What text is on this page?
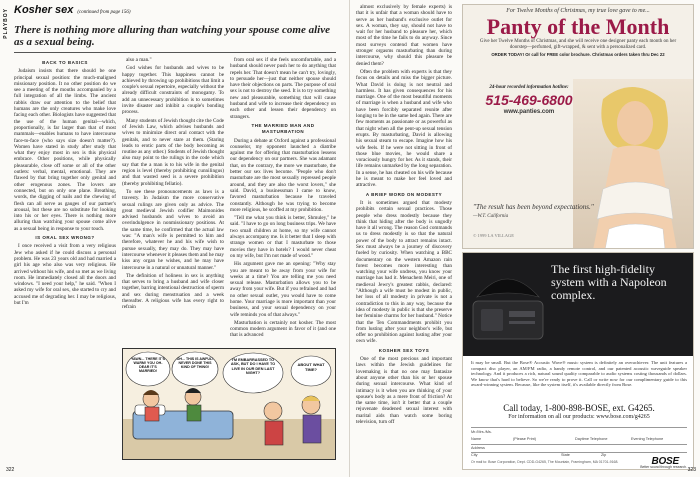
PLAYBOY Kosher sex (continued from page 156)
There is nothing more alluring than watching your spouse come alive as a sexual being.
BACK TO BASICS

Judaism insists that there should be one principal sexual position: the much-maligned missionary position. It no other position do we see a meeting of the mouths accompanied by a full integration of all the limbs. The ancient rabbis draw our attention to the belief that humans are the only creatures who make love facing each other. Biologists have suggested that the use of the human genital—which, proportionally, is far larger than that of most mammals—enables humans to have intercourse face-to-face (who says size doesn't matter?). Women have stated in study after study that what they enjoy most in sex is this physical embrace. Other positions, while physically pleasurable, close off some or all of the other outlets: verbal, mental, emotional. They are flawed by that bring together only genital and other erogenous zones. The lovers are connected, but on only one plane. Breathing, words, the digging of nails and the chewing of flesh can all serve as gauges of our partner's arousal, but these are no substitute for looking into his or her eyes. There is nothing more alluring than watching your spouse come alive as a sexual being in response to your touch.

IS ORAL SEX WRONG?

I once received a visit from a very religious Jew who asked if he could discuss a personal problem. He was 23 years old and had married a girl his age who also was very religious. He arrived without his wife, and so met as we living room. He immediately closed all the doors and windows. "I need your help," he said. "When I asked my wife for oral sex, she started to cry and accused me of degrading her. I may be religious, but I'm

also a man."

God wishes for husbands and wives to be happy together. This happiness cannot be achieved by throwing up prohibitions that limit a couple's sexual repertoire, especially without the already difficult constraints of monogamy. To add an unnecessary prohibition is to sometimes invite disaster and inhibit a couple's bonding process.

Many students of Jewish thought cite the Code of Jewish Law, which advises husbands and wives to minimize direct oral contact with the genitals, and to never stare at them. (Staring leads to erotic parts of the body becoming as routine as any other.) Students of Jewish thought also may point to the rulings in the code which say that the a man is to his wife in the genital region is level (thereby prohibiting cunnilingus) and that wasted seed is a severe prohibition (thereby prohibiting fellatio).

To see these pronouncements as laws is a travesty. In Judaism the more conservative sexual rulings are given only as advice. The great medieval Jewish codifier Maimonides advised husbands and wives to avoid an overindulgence in nonmissionary positions. At the same time, he confirmed that the actual law was: "A man's wife is permitted to him and therefore, whatever he and his wife wish to pursue sexually, they may do. They may have intercourse whenever it pleases them and he may kiss any organ he wishes, and he may have intercourse in a natural or unnatural manner."

The definition of holiness in sex is anything that serves to bring a husband and wife closer together, barring intentional destruction of sperm and sex during menstruation and a week thereafter. A religious wife has every right to refrain

from oral sex if she feels uncomfortable, and a husband should never push her to do anything that repels her. That doesn't mean he can't try, lovingly, to persuade her—just that neither spouse should have their objections on parts. The purpose of oral sex is not to destroy the seed. It is to try something new and pleasurable, something that will cause husband and wife to increase their dependency on each other and lessen their dependency on strangers.

THE MARRIED MAN AND MASTURBATION

During a debate at Oxford against a professional counselor, my opponent launched a diatribe against me for offering that masturbation lessens our dependency on our partners. She was adamant that, on the contrary, the more we masturbate, the better our sex lives become. "People who don't masturbate are the most sexually repressed people around, and they are also the worst lovers," she said. David, a businessman I came to know, favored masturbation because he traveled constantly. Although he was trying to become more religious, he scoffed at my prohibition.

"Tell me what you think is better, Shmuley," he said. "I have to go on long business trips. We have two small children at home, so my wife cannot always accompany me. Is it better that I sleep with strange women or that I masturbate to those movies they have in hotels? I would never cheat on my wife, but I'm not made of wood."

His argument gave me an opening: "Why stay you are meant to be away from your wife for weeks at a time? You are telling me you need sexual release. Masturbation allows you to be away from your wife. But if you refrained and had no other sexual outlet, you would have to come home. Your marriage is more important than your business, and your sexual dependency on your wife reminds you of that always."

Masturbation is certainly not kosher. The most common modern argument in favor of it (and one that is advanced

YAWN... THERE IT'S WARM! YOU OH-DEAR IT'S MARRIED!
OH... THIS IS AWFUL! NEVER DONE THIS KIND OF THING!
I'M EMBARRASSED TO ASK, BUT DO I HAVE TO LIVE IN OUR DEN LAST NIGHT?
ABOUT WHAT TIME?
322

almost exclusively by female experts) is that it is unfair that a woman should have to serve as her husband's exclusive outlet for sex. A woman, they say, should not have to wait for her husband to pleasure her, which most of the time he fails to do anyway. Since most surveys contend that women have stronger orgasms masturbating than during intercourse, why should this pleasure be denied them?

Often the problem with experts is that they focus on details and miss the bigger picture. What David is doing is not neutral and harmless. It has given consequences for his marriage. One of the most beautiful moments of marriage is when a husband and wife who have been forcibly separated reunite after longing to be in the same bed again. There are few moments as passionate or as powerful as that night when all the pent-up sexual tension erupts. By masturbating, David is allowing his sexual steam to escape. Imagine how his wife feels. If he were not sitting in front of those blue movies, he would share a voraciously hungry for her. As it stands, their life remains unmarked by the long separation. In a sense, he has cheated on his wife because he is meant to make her feel loved and attractive.

A BRIEF WORD ON MODESTY

It is sometimes argued that modesty prohibits certain sexual practices. Those people who dress modestly because they think that hiding after the body is ungodly have it all wrong. The reason God commands us to dress modestly is so that the natural power of the body to attract remains intact. Sex must always be a journey of discovery fueled by curiosity. When watching a BBC documentary on the western Amazon rain forest becomes more interesting than watching your wife undress, you know your marriage has had it. Menachem Meiri, one of medieval Jewry's greatest rabbis, declared: "Although a wife must be modest in public, her loss of all modesty in private is not a contradiction to this in any way, because the idea of modesty in public is that she preserve her feminine charms for her husband." Notice that the Ten Commandments prohibit you from lusting after your neighbor's wife, but offer no prohibition against lusting after your own wife.

KOSHER SEX TOYS

One of the most precious and important laws within the Jewish guidelines for lovemaking is that no one may fantasize about anyone other than his or her spouse during sexual intercourse. What kind of intimacy is it when you are thinking of your spouse's body as a mere front of friction? At the same time, isn't it better that a couple rejuvenate deadened sexual interest with marital aids than watch some boring television, turn off

For Twelve Months of Christmas, my true love gave to me...
Panty of the Month
Give her Twelve Months of Christmas, and she will receive one designer panty each month on her doorstep—perfumed, gift-wrapped, & sent with a personalized card.
ORDER TODAY! Or call for FREE color brochure. Christmas orders taken thru Dec 22
24-hour recorded information hotline:
515-469-6800
www.panties.com
"The result has been beyond expectations."
—W.T. California
© 1999 LA VILLAGE
The first high-fidelity system with a Napoleon complex.
It may be small. But the Bose® Acoustic Wave® music system is definitely an overachiever. The unit features a compact disc player, an AM/FM radio, a handy remote control, and our patented acoustic waveguide speaker technology. And it produces a rich, natural sound quality comparable to audio systems costing thousands of dollars. We know that's hard to believe. So we're ready to prove it. Call or write now for our complimentary guide to this award-winning system. Because, like the system itself, it's available directly from Bose.
Call today, 1-800-898-BOSE, ext. G4265.
For information on all our products: www.bose.com/g4265
Mr./Mrs./Ms.
Name	(Please Print)	Daytime Telephone	Evening Telephone
Address
City	State	Zip
Or mail to: Bose Corporation, Dept. CDD-G4265, The Mountain, Framingham, MA 01701-9168.	BOSE
Better sound through research. 323
